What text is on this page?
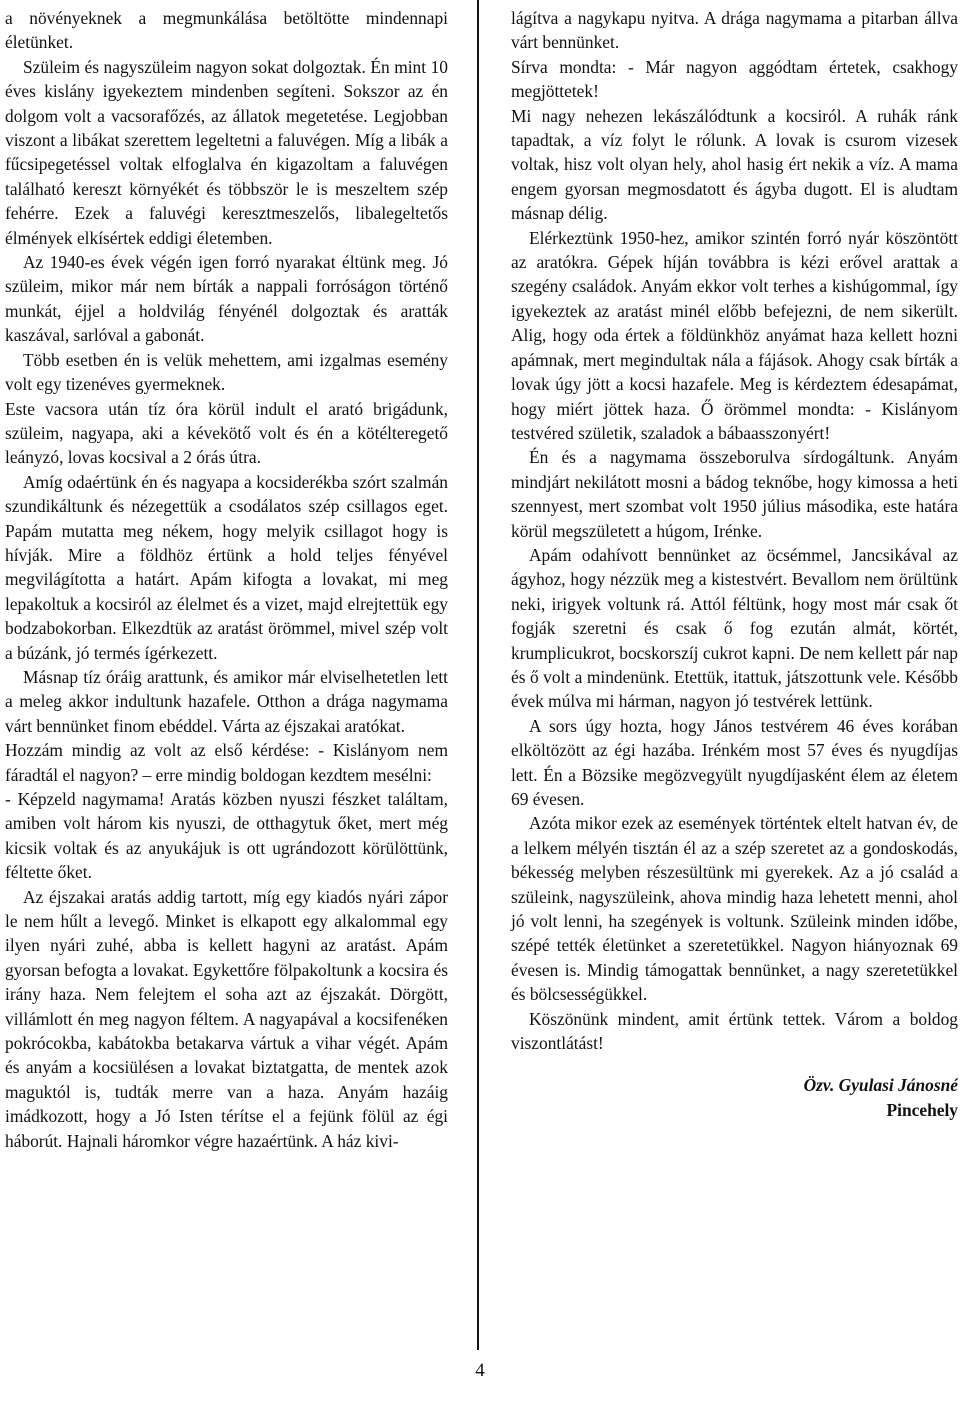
a növényeknek a megmunkálása betöltötte mindennapi életünket.

Szüleim és nagyszüleim nagyon sokat dolgoztak. Én mint 10 éves kislány igyekeztem mindenben segíteni. Sokszor az én dolgom volt a vacsorafőzés, az állatok megetetése. Legjobban viszont a libákat szerettem legeltetni a faluvégen. Míg a libák a fűcsipegetéssel voltak elfoglalva én kigazoltam a faluvégen található kereszt környékét és többször le is meszeltem szép fehérre. Ezek a faluvégi keresztmeszelős, libalegeltetős élmények elkísértek eddigi életemben.

Az 1940-es évek végén igen forró nyarakat éltünk meg. Jó szüleim, mikor már nem bírták a nappali forróságon történő munkát, éjjel a holdvilág fényénél dolgoztak és aratták kaszával, sarlóval a gabonát.

Több esetben én is velük mehettem, ami izgalmas esemény volt egy tizenéves gyermeknek.

Este vacsora után tíz óra körül indult el arató brigádunk, szüleim, nagyapa, aki a kévekötő volt és én a kötélteregető leányzó, lovas kocsival a 2 órás útra.

Amíg odaértünk én és nagyapa a kocsiderékba szórt szalmán szundikáltunk és nézegettük a csodálatos szép csillagos eget. Papám mutatta meg nékem, hogy melyik csillagot hogy is hívják. Mire a földhöz értünk a hold teljes fényével megvilágította a határt. Apám kifogta a lovakat, mi meg lepakoltuk a kocsiról az élelmet és a vizet, majd elrejtettük egy bodzabokorban. Elkezdtük az aratást örömmel, mivel szép volt a búzánk, jó termés ígérkezett.

Másnap tíz óráig arattunk, és amikor már elviselhetetlen lett a meleg akkor indultunk hazafele. Otthon a drága nagymama várt bennünket finom ebéddel. Várta az éjszakai aratókat.

Hozzám mindig az volt az első kérdése: - Kislányom nem fáradtál el nagyon? – erre mindig boldogan kezdtem mesélni:

- Képzeld nagymama! Aratás közben nyuszi fészket találtam, amiben volt három kis nyuszi, de otthagytuk őket, mert még kicsik voltak és az anyukájuk is ott ugrándozott körülöttünk, féltette őket.

Az éjszakai aratás addig tartott, míg egy kiadós nyári zápor le nem hűlt a levegő. Minket is elkapott egy alkalommal egy ilyen nyári zuhé, abba is kellett hagyni az aratást. Apám gyorsan befogta a lovakat. Egykettőre fölpakoltunk a kocsira és irány haza. Nem felejtem el soha azt az éjszakát. Dörgött, villámlott én meg nagyon féltem. A nagyapával a kocsifenéken pokrócokba, kabátokba betakarva vártuk a vihar végét. Apám és anyám a kocsiülésen a lovakat biztatgatta, de mentek azok maguktól is, tudták merre van a haza. Anyám hazáig imádkozott, hogy a Jó Isten térítse el a fejünk fölül az égi háborút. Hajnali háromkor végre hazaértünk. A ház kivi-

lágítva a nagykapu nyitva. A drága nagymama a pitarban állva várt bennünket.

Sírva mondta: - Már nagyon aggódtam értetek, csakhogy megjöttetek!

Mi nagy nehezen lekászálódtunk a kocsiról. A ruhák ránk tapadtak, a víz folyt le rólunk. A lovak is csurom vizesek voltak, hisz volt olyan hely, ahol hasig ért nekik a víz. A mama engem gyorsan megmosdatott és ágyba dugott. El is aludtam másnap délig.

Elérkeztünk 1950-hez, amikor szintén forró nyár köszöntött az aratókra. Gépek híján továbbra is kézi erővel arattak a szegény családok. Anyám ekkor volt terhes a kishúgommal, így igyekeztek az aratást minél előbb befejezni, de nem sikerült. Alig, hogy oda értek a földünkhöz anyámat haza kellett hozni apámnak, mert megindultak nála a fájások. Ahogy csak bírták a lovak úgy jött a kocsi hazafele. Meg is kérdeztem édesapámat, hogy miért jöttek haza. Ő örömmel mondta: - Kislányom testvéred születik, szaladok a bábaasszonyért!

Én és a nagymama összeborulva sírdogáltunk. Anyám mindjárt nekilátott mosni a bádog teknőbe, hogy kimossa a heti szennyest, mert szombat volt 1950 július másodika, este határa körül megszületett a húgom, Irénke.

Apám odahívott bennünket az öcsémmel, Jancsikával az ágyhoz, hogy nézzük meg a kistestvért. Bevallom nem örültünk neki, irigyek voltunk rá. Attól féltünk, hogy most már csak őt fogják szeretni és csak ő fog ezután almát, körtét, krumplicukrot, bocskorszíj cukrot kapni. De nem kellett pár nap és ő volt a mindenünk. Etettük, itattuk, játszottunk vele. Később évek múlva mi hárman, nagyon jó testvérek lettünk.

A sors úgy hozta, hogy János testvérem 46 éves korában elköltözött az égi hazába. Irénkém most 57 éves és nyugdíjas lett. Én a Bözsike megözvegyült nyugdíjasként élem az életem 69 évesen.

Azóta mikor ezek az események történtek eltelt hatvan év, de a lelkem mélyén tisztán él az a szép szeretet az a gondoskodás, békesség melyben részesültünk mi gyerekek. Az a jó család a szüleink, nagyszüleink, ahova mindig haza lehetett menni, ahol jó volt lenni, ha szegények is voltunk. Szüleink minden időbe, szépé tették életünket a szeretetükkel. Nagyon hiányoznak 69 évesen is. Mindig támogattak bennünket, a nagy szeretetükkel és bölcsességükkel.

Köszönünk mindent, amit értünk tettek. Várom a boldog viszontlátást!

Özv. Gyulasi Jánosné

Pincehely

4
